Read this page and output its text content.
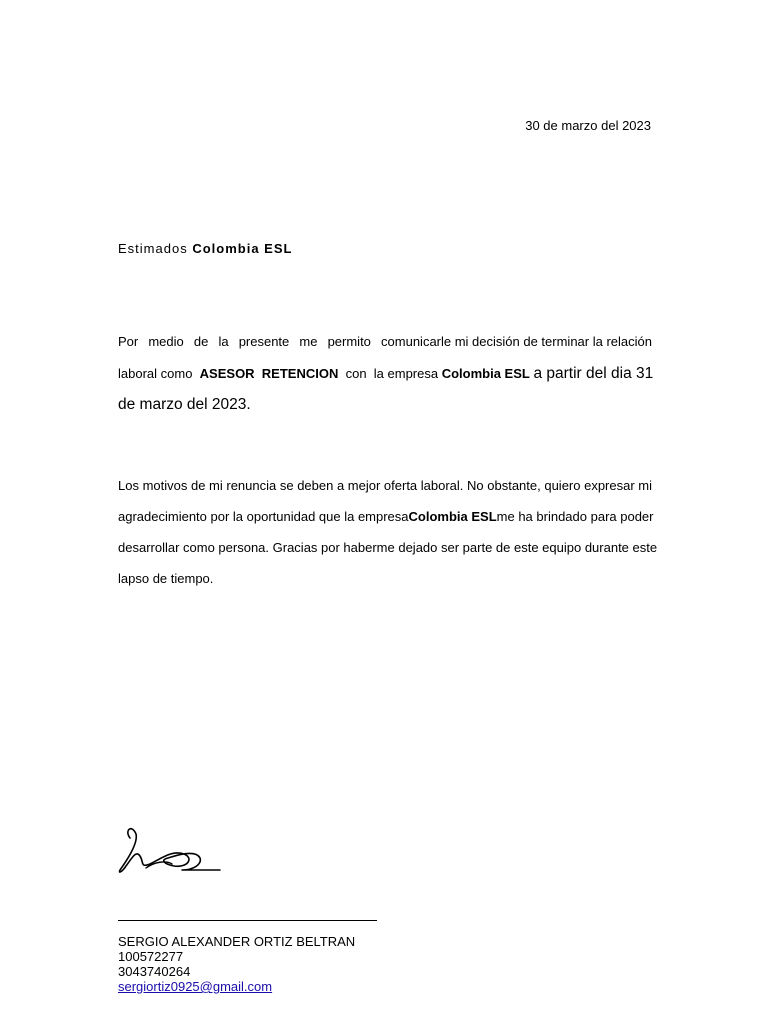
30 de marzo del 2023
Estimados Colombia ESL
Por medio de la presente me permito comunicarle mi decisión de terminar la relación
laboral como ASESOR  RETENCION con  la empresa Colombia ESL a partir del dia 31
de marzo del 2023.
Los motivos de mi renuncia se deben a mejor oferta laboral. No obstante, quiero expresar mi
agradecimiento por la oportunidad que la empresa Colombia ESL me ha brindado para poder
desarrollar como persona. Gracias por haberme dejado ser parte de este equipo durante este
lapso de tiempo.
SERGIO ALEXANDER ORTIZ BELTRAN
100572277
3043740264
sergiortiz0925@gmail.com
